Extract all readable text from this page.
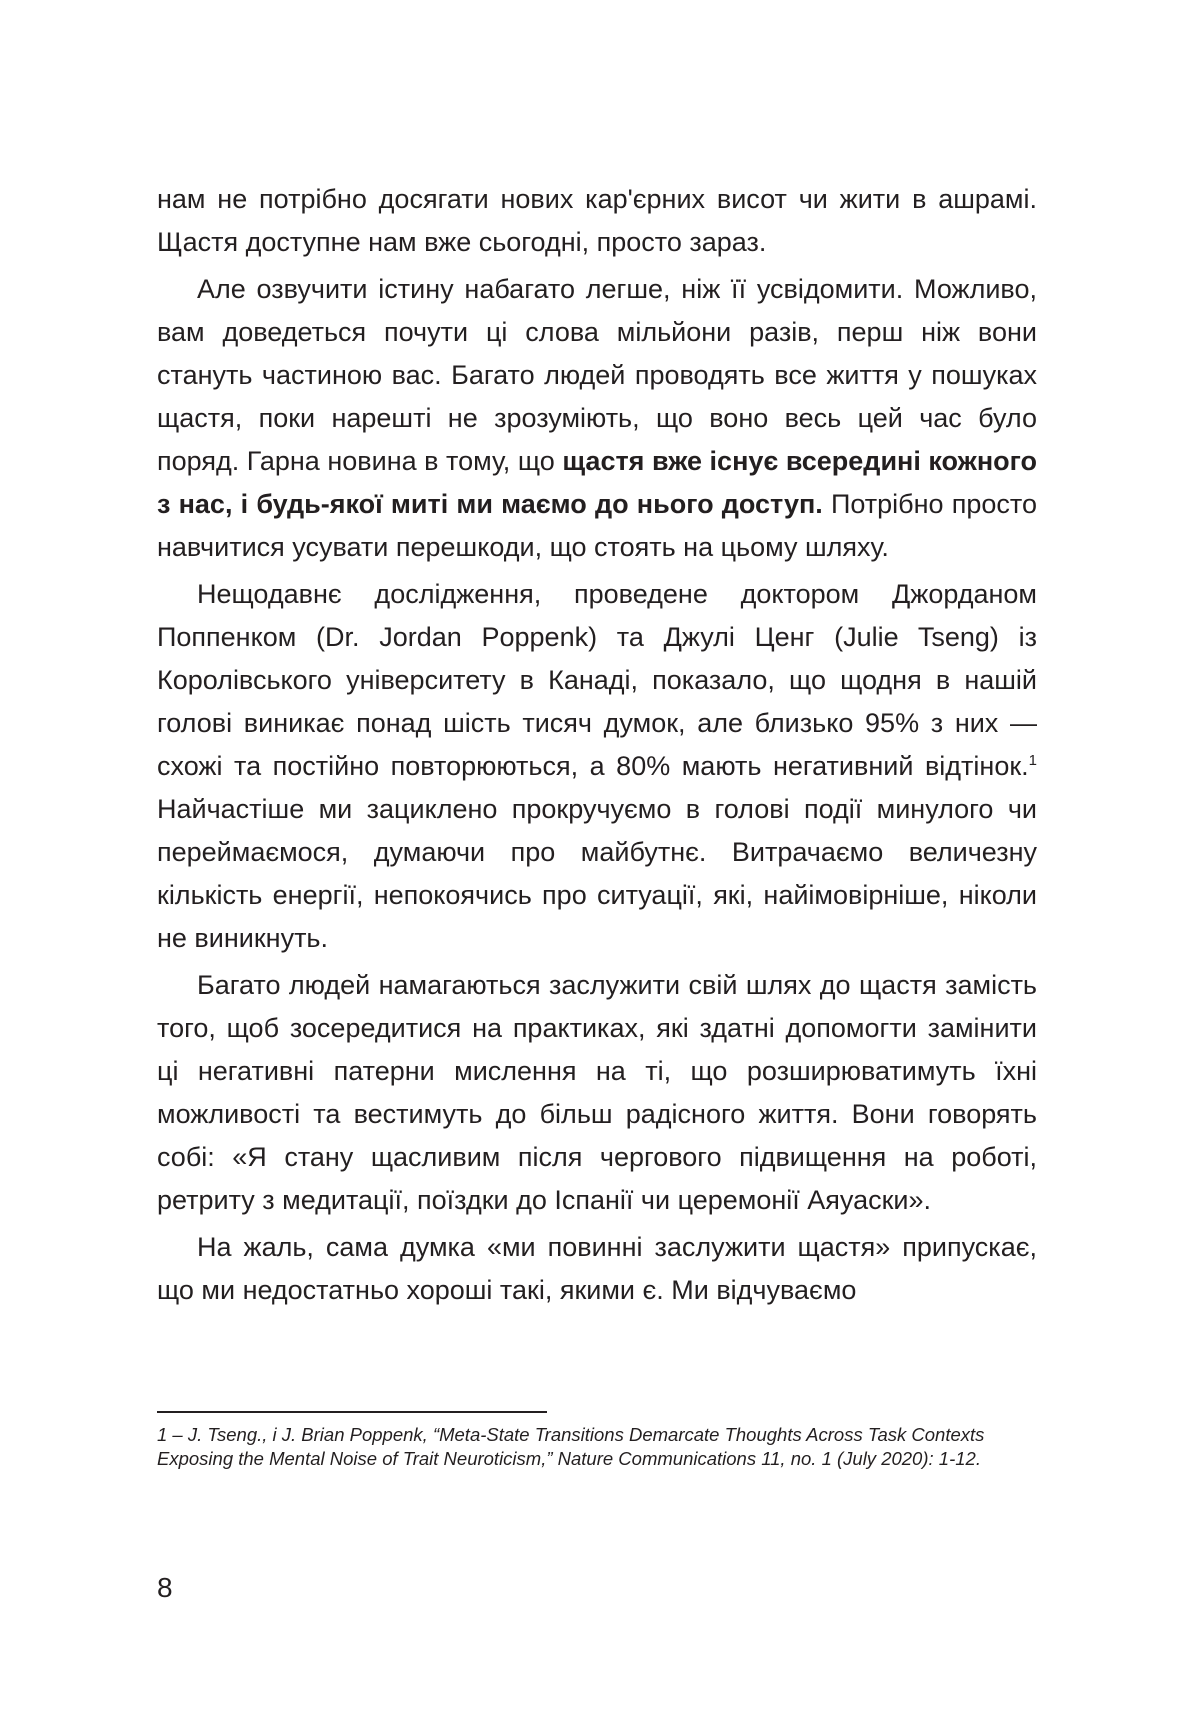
нам не потрібно досягати нових кар'єрних висот чи жити в ашрамі. Щастя доступне нам вже сьогодні, просто зараз.

Але озвучити істину набагато легше, ніж її усвідомити. Можливо, вам доведеться почути ці слова мільйони разів, перш ніж вони стануть частиною вас. Багато людей проводять все життя у пошуках щастя, поки нарешті не зрозуміють, що воно весь цей час було поряд. Гарна новина в тому, що щастя вже існує всередині кожного з нас, і будь-якої миті ми маємо до нього доступ. Потрібно просто навчитися усувати перешкоди, що стоять на цьому шляху.

Нещодавнє дослідження, проведене доктором Джорданом Поппенком (Dr. Jordan Poppenk) та Джулі Ценг (Julie Tseng) із Королівського університету в Канаді, показало, що щодня в нашій голові виникає понад шість тисяч думок, але близько 95% з них — схожі та постійно повторюються, а 80% мають негативний відтінок.$^1$ Найчастіше ми зациклено прокручуємо в голові події минулого чи переймаємося, думаючи про майбутнє. Витрачаємо величезну кількість енергії, непокоячись про ситуації, які, найімовірніше, ніколи не виникнуть.

Багато людей намагаються заслужити свій шлях до щастя замість того, щоб зосередитися на практиках, які здатні допомогти замінити ці негативні патерни мислення на ті, що розширюватимуть їхні можливості та вестимуть до більш радісного життя. Вони говорять собі: «Я стану щасливим після чергового підвищення на роботі, ретриту з медитації, поїздки до Іспанії чи церемонії Аяуаски».

На жаль, сама думка «ми повинні заслужити щастя» припускає, що ми недостатньо хороші такі, якими є. Ми відчуваємо

1 – J. Tseng., і J. Brian Poppenk, “Meta-State Transitions Demarcate Thoughts Across Task Contexts Exposing the Mental Noise of Trait Neuroticism,” Nature Communications 11, no. 1 (July 2020): 1-12.
8
